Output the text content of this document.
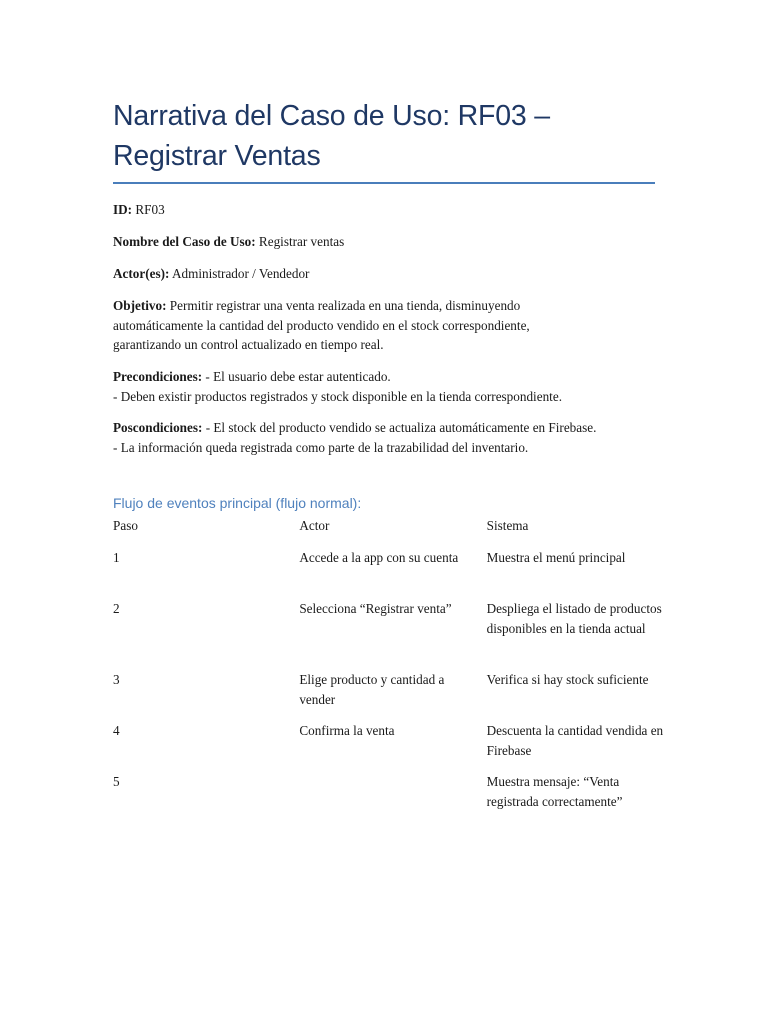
Narrativa del Caso de Uso: RF03 –
Registrar Ventas

ID: RF03

Nombre del Caso de Uso: Registrar ventas

Actor(es): Administrador / Vendedor

Objetivo: Permitir registrar una venta realizada en una tienda, disminuyendo
automáticamente la cantidad del producto vendido en el stock correspondiente,
garantizando un control actualizado en tiempo real.

Precondiciones: - El usuario debe estar autenticado.
- Deben existir productos registrados y stock disponible en la tienda correspondiente.

Poscondiciones: - El stock del producto vendido se actualiza automáticamente en Firebase.
- La información queda registrada como parte de la trazabilidad del inventario.

Flujo de eventos principal (flujo normal):
Paso	Actor	Sistema

1	Accede a la app con su cuenta	Muestra el menú principal

2	Selecciona “Registrar venta”	Despliega el listado de productos disponibles en la tienda actual

3	Elige producto y cantidad a vender	Verifica si hay stock suficiente

4	Confirma la venta	Descuenta la cantidad vendida en Firebase

5		Muestra mensaje: “Venta registrada correctamente”
